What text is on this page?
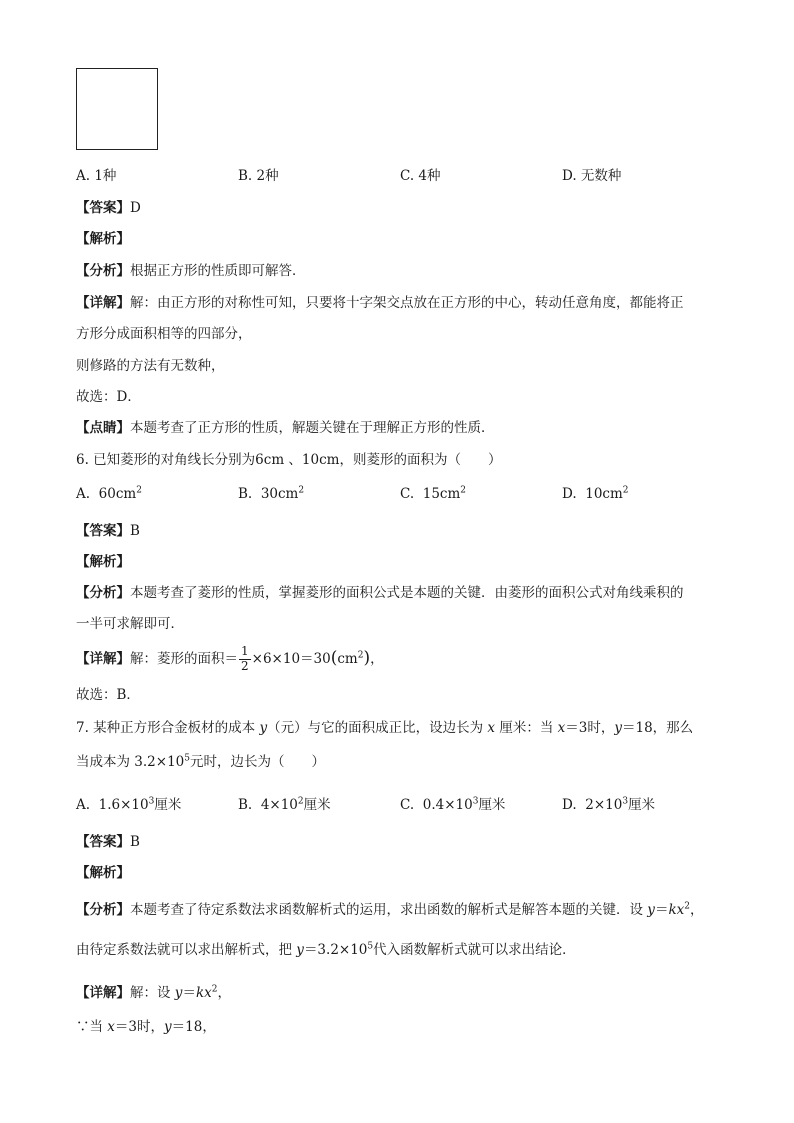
A. 1种	B. 2种	C. 4种	D. 无数种
【答案】D
【解析】
【分析】根据正方形的性质即可解答．
【详解】解：由正方形的对称性可知，只要将十字架交点放在正方形的中心，转动任意角度，都能将正
方形分成面积相等的四部分，
则修路的方法有无数种，
故选：D．
【点睛】本题考查了正方形的性质，解题关键在于理解正方形的性质．
6. 已知菱形的对角线长分别为6cm 、10cm，则菱形的面积为（　　）
A. $60cm^2$	B. $30cm^2$	C. $15cm^2$	D. $10cm^2$
【答案】B
【解析】
【分析】本题考查了菱形的性质，掌握菱形的面积公式是本题的关键．由菱形的面积公式对角线乘积的
一半可求解即可．
【详解】解：菱形的面积＝ $\frac{1}{2} \times 6\times 10=30(cm^2)$，
故选：B．
7. 某种正方形合金板材的成本 y（元）与它的面积成正比，设边长为 x 厘米：当 x＝3时，y＝18，那么
当成本为 $3.2\times 10^5$元时，边长为（　　）
A. $1.6\times 10^3$厘米	B. $4\times 10^2$厘米	C. $0.4\times 10^3$厘米	D. $2\times 10^3$厘米
【答案】B
【解析】
【分析】本题考查了待定系数法求函数解析式的运用，求出函数的解析式是解答本题的关键．设 $y=kx^2$，
由待定系数法就可以求出解析式，把 $y=3.2\times 10^5$代入函数解析式就可以求出结论．
【详解】解：设 $y=kx^2$，
∵当 x＝3时，y＝18，
